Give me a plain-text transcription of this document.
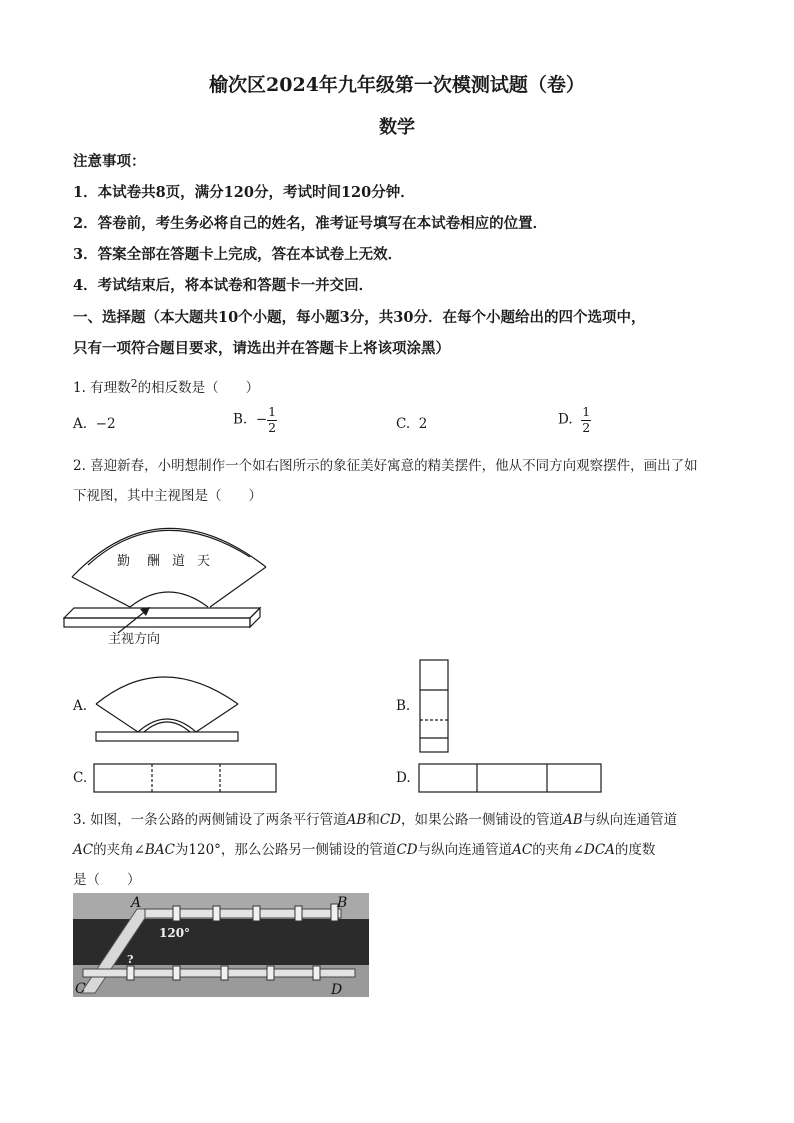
榆次区2024年九年级第一次模测试题（卷）
数学
注意事项：
1．本试卷共8页，满分120分，考试时间120分钟．
2．答卷前，考生务必将自己的姓名，准考证号填写在本试卷相应的位置．
3．答案全部在答题卡上完成，答在本试卷上无效．
4．考试结束后，将本试卷和答题卡一并交回．
一、选择题（本大题共10个小题，每小题3分，共30分．在每个小题给出的四个选项中，
只有一项符合题目要求，请选出并在答题卡上将该项涂黑）
1. 有理数$^2$的相反数是（　　）
A. −2	B. − $\frac{1}{2}$	C. 2	D. $\frac{1}{2}$
2. 喜迎新春，小明想制作一个如右图所示的象征美好寓意的精美摆件，他从不同方向观察摆件，画出了如
下视图，其中主视图是（　　）
勤 酬 道 天
主视方向
A.	B.
C.	D.
3. 如图，一条公路的两侧铺设了两条平行管道AB和CD，如果公路一侧铺设的管道AB与纵向连通管道
AC的夹角∠BAC为120°，那么公路另一侧铺设的管道CD与纵向连通管道AC的夹角∠DCA的度数
是（　　）
A	B
C	D
120°
?
